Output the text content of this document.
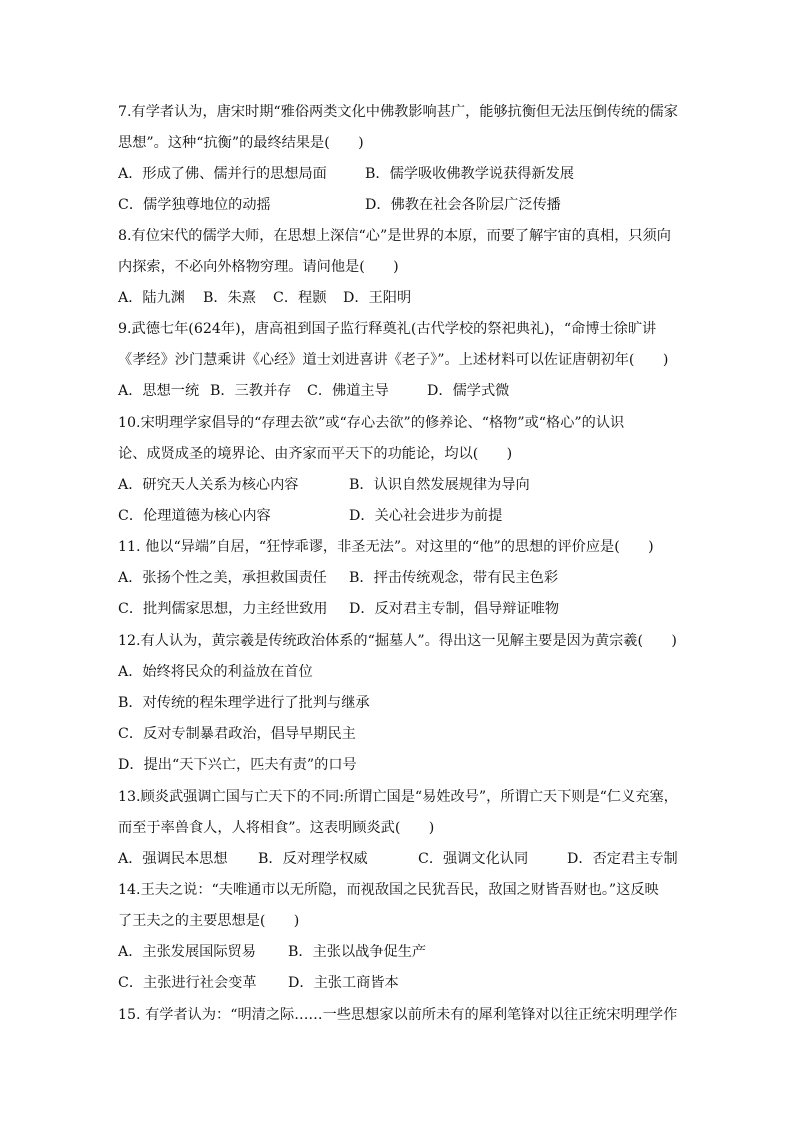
7.有学者认为，唐宋时期“雅俗两类文化中佛教影响甚广，能够抗衡但无法压倒传统的儒家
思想”。这种“抗衡”的最终结果是(　　)
A．形成了佛、儒并行的思想局面	B．儒学吸收佛教学说获得新发展
C．儒学独尊地位的动摇	D．佛教在社会各阶层广泛传播
8.有位宋代的儒学大师，在思想上深信“心”是世界的本原，而要了解宇宙的真相，只须向
内探索，不必向外格物穷理。请问他是(　　)
A．陆九渊 B．朱熹 C．程颢 D．王阳明
9.武德七年(624年)，唐高祖到国子监行释奠礼(古代学校的祭祀典礼)，“命博士徐旷讲
《孝经》沙门慧乘讲《心经》道士刘进喜讲《老子》”。上述材料可以佐证唐朝初年(　　)
A．思想一统 B．三教并存 C．佛道主导	D．儒学式微
10.宋明理学家倡导的“存理去欲”或“存心去欲”的修养论、“格物”或“格心”的认识
论、成贤成圣的境界论、由齐家而平天下的功能论，均以(　　)
A．研究天人关系为核心内容	B．认识自然发展规律为导向
C．伦理道德为核心内容	D．关心社会进步为前提
11. 他以“异端”自居，“狂悖乖谬，非圣无法”。对这里的“他”的思想的评价应是(　　)
A．张扬个性之美，承担救国责任 B．抨击传统观念，带有民主色彩
C．批判儒家思想，力主经世致用 D．反对君主专制，倡导辩证唯物
12.有人认为，黄宗羲是传统政治体系的“掘墓人”。得出这一见解主要是因为黄宗羲(　　)
A．始终将民众的利益放在首位
B．对传统的程朱理学进行了批判与继承
C．反对专制暴君政治，倡导早期民主
D．提出“天下兴亡，匹夫有责”的口号
13.顾炎武强调亡国与亡天下的不同:所谓亡国是“易姓改号”，所谓亡天下则是“仁义充塞，
而至于率兽食人，人将相食”。这表明顾炎武(　　)
A．强调民本思想 B．反对理学权威	C．强调文化认同	D．否定君主专制
14.王夫之说：“夫唯通市以无所隐，而视敌国之民犹吾民，敌国之财皆吾财也。”这反映
了王夫之的主要思想是(　　)
A．主张发展国际贸易 B．主张以战争促生产
C．主张进行社会变革 D．主张工商皆本
15. 有学者认为：“明清之际……一些思想家以前所未有的犀利笔锋对以往正统宋明理学作
